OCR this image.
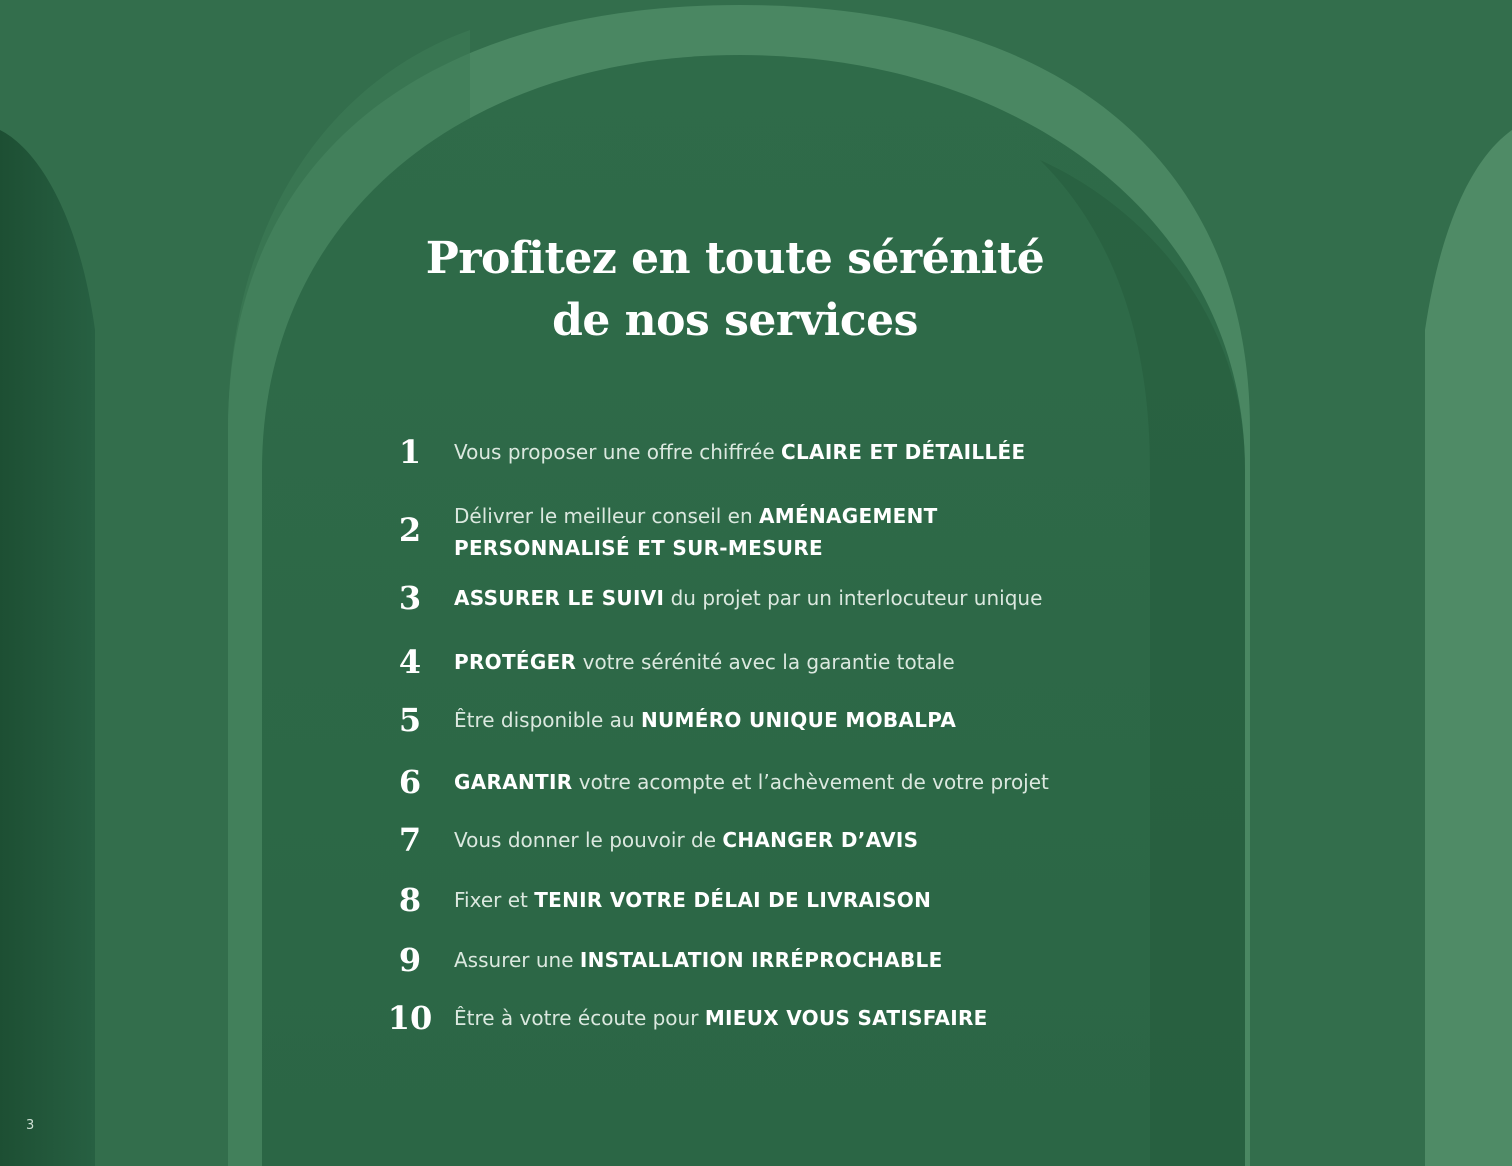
Profitez en toute sérénité
de nos services
1	Vous proposer une offre chiffrée CLAIRE ET DÉTAILLÉE
2	Délivrer le meilleur conseil en AMÉNAGEMENT PERSONNALISÉ ET SUR-MESURE
3	ASSURER LE SUIVI du projet par un interlocuteur unique
4	PROTÉGER votre sérénité avec la garantie totale
5	Être disponible au NUMÉRO UNIQUE MOBALPA
6	GARANTIR votre acompte et l’achèvement de votre projet
7	Vous donner le pouvoir de CHANGER D’AVIS
8	Fixer et TENIR VOTRE DÉLAI DE LIVRAISON
9	Assurer une INSTALLATION IRRÉPROCHABLE
10	Être à votre écoute pour MIEUX VOUS SATISFAIRE
3
